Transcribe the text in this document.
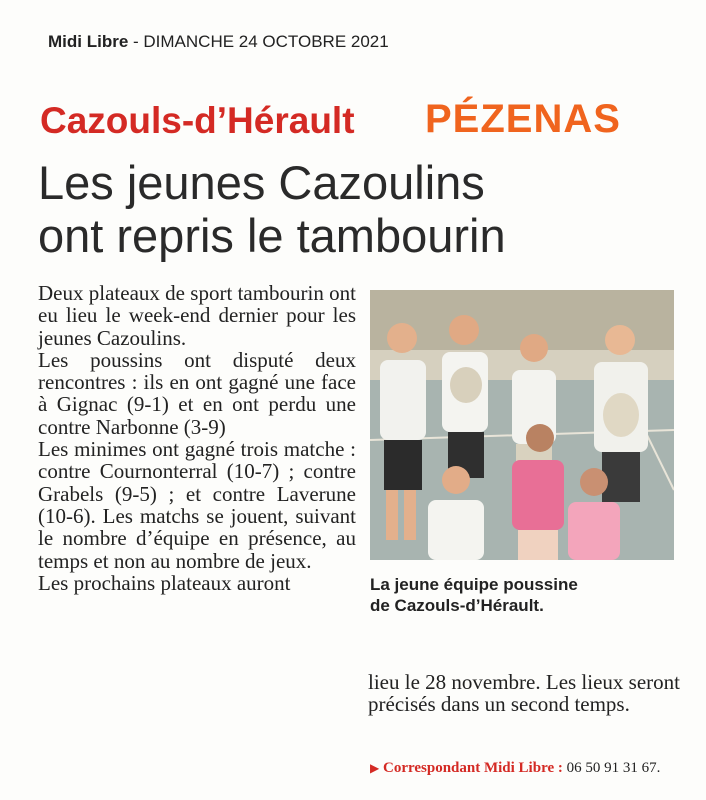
Midi Libre - DIMANCHE 24 OCTOBRE 2021
Cazouls-d’Hérault PÉZENAS
Les jeunes Cazoulins
ont repris le tambourin

Deux plateaux de sport tambourin ont eu lieu le week-end dernier pour les jeunes Cazoulins.

Les poussins ont disputé deux rencontres : ils en ont gagné une face à Gignac (9-1) et en ont perdu une contre Narbonne (3-9)

Les minimes ont gagné trois matche : contre Cournonterral (10-7) ; contre Grabels (9-5) ; et contre Laverune (10-6). Les matchs se jouent, suivant le nombre d’équipe en présence, au temps et non au nombre de jeux.

Les prochains plateaux auront	La jeune équipe poussine
de Cazouls-d’Hérault.

lieu le 28 novembre. Les lieux seront précisés dans un second temps.

▶ Correspondant Midi Libre : 06 50 91 31 67.
